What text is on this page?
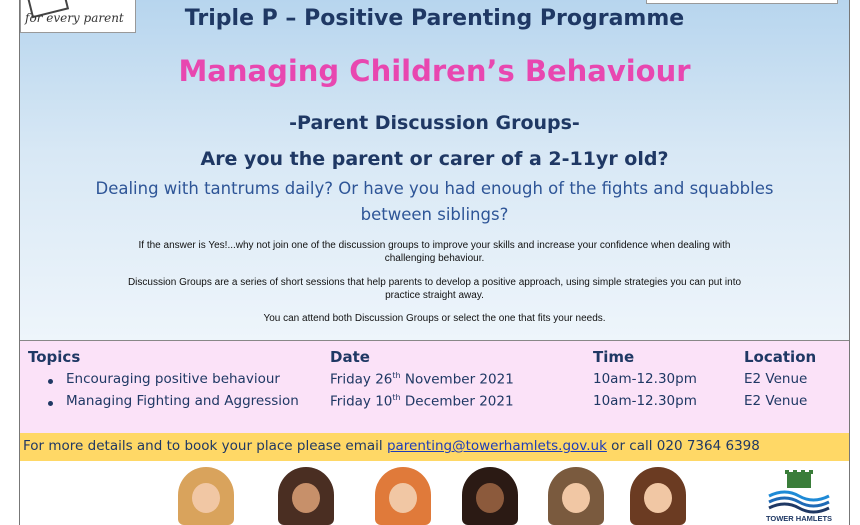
for every parent	Triple P – Positive Parenting Programme
Managing Children’s Behaviour
-Parent Discussion Groups-
Are you the parent or carer of a 2-11yr old?
Dealing with tantrums daily? Or have you had enough of the fights and squabbles
between siblings?
If the answer is Yes!...why not join one of the discussion groups to improve your skills and increase your confidence when dealing with
challenging behaviour.
Discussion Groups are a series of short sessions that help parents to develop a positive approach, using simple strategies you can put into
practice straight away.
You can attend both Discussion Groups or select the one that fits your needs.
Topics	Date	Time	Location
Encouraging positive behaviour	Friday 26th November 2021	10am-12.30pm	E2 Venue
Managing Fighting and Aggression Friday 10th December 2021	10am-12.30pm	E2 Venue
For more details and to book your place please email parenting@towerhamlets.gov.uk or call 020 7364 6398
TOWER HAMLETS
